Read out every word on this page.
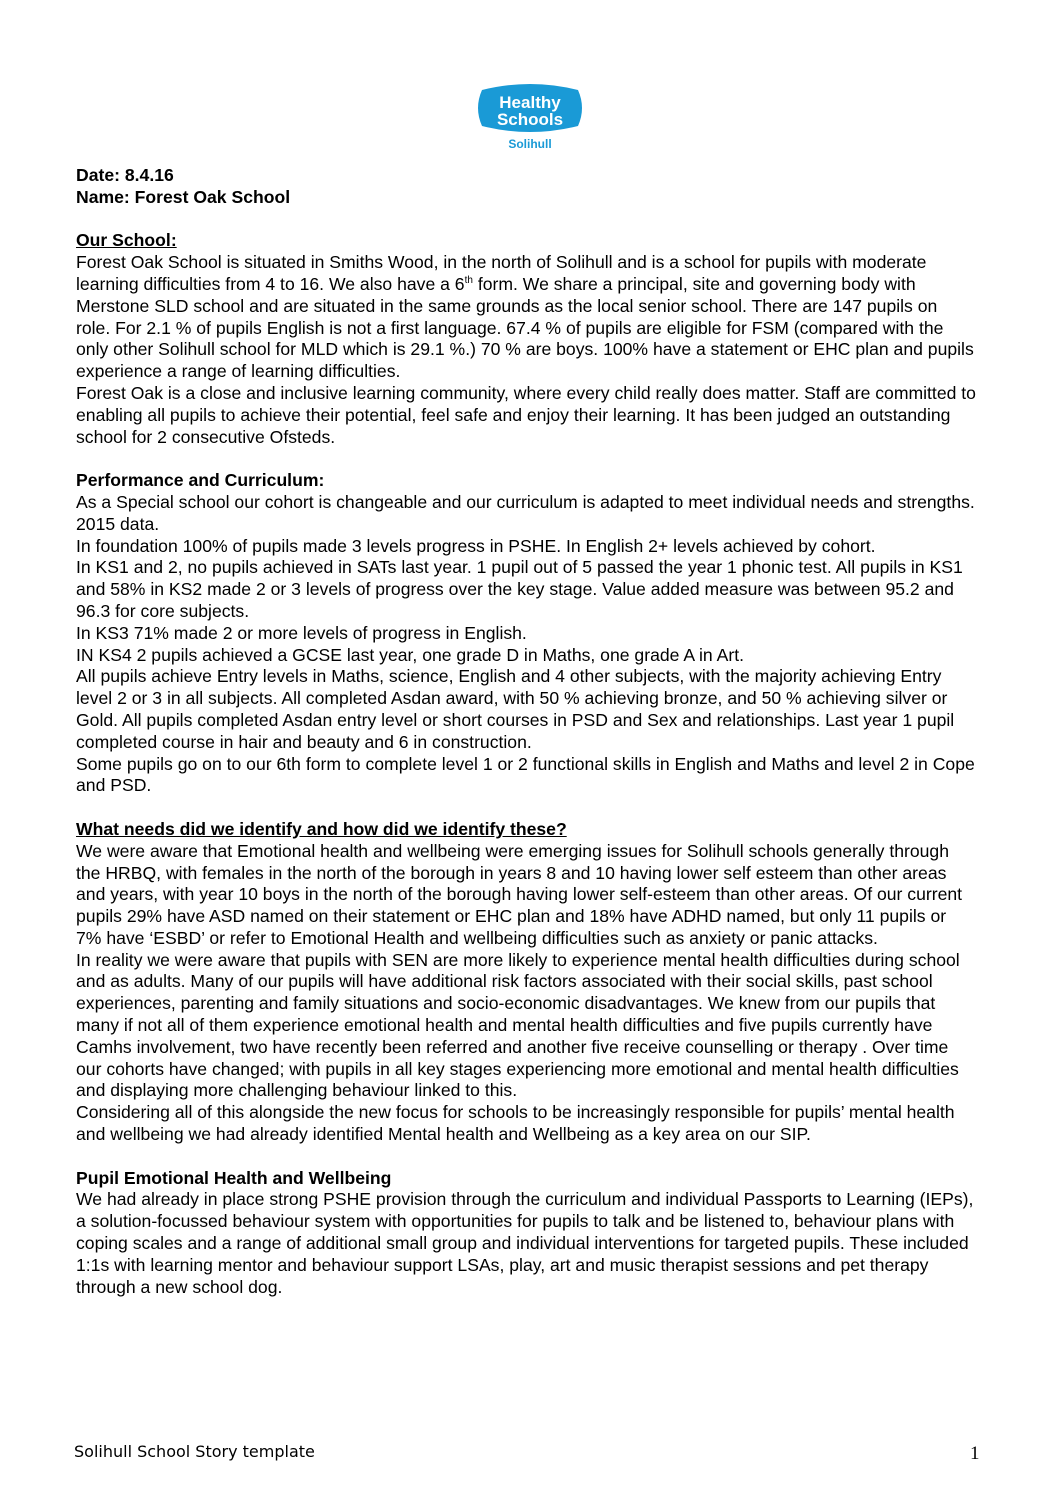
Healthy
Schools
Solihull

Date: 8.4.16

Name: Forest Oak School

Our School:

Forest Oak School is situated in Smiths Wood, in the north of Solihull and is a school for pupils with moderate learning difficulties from 4 to 16. We also have a 6th form. We share a principal, site and governing body with Merstone SLD school and are situated in the same grounds as the local senior school. There are 147 pupils on role. For 2.1 % of pupils English is not a first language. 67.4 % of pupils are eligible for FSM (compared with the only other Solihull school for MLD which is 29.1 %.) 70 % are boys. 100% have a statement or EHC plan and pupils experience a range of learning difficulties.

Forest Oak is a close and inclusive learning community, where every child really does matter. Staff are committed to enabling all pupils to achieve their potential, feel safe and enjoy their learning. It has been judged an outstanding school for 2 consecutive Ofsteds.

Performance and Curriculum:

As a Special school our cohort is changeable and our curriculum is adapted to meet individual needs and strengths. 2015 data.

In foundation 100% of pupils made 3 levels progress in PSHE. In English 2+ levels achieved by cohort.

In KS1 and 2, no pupils achieved in SATs last year. 1 pupil out of 5 passed the year 1 phonic test. All pupils in KS1 and 58% in KS2 made 2 or 3 levels of progress over the key stage. Value added measure was between 95.2 and 96.3 for core subjects.

In KS3 71% made 2 or more levels of progress in English.

IN KS4 2 pupils achieved a GCSE last year, one grade D in Maths, one grade A in Art.

All pupils achieve Entry levels in Maths, science, English and 4 other subjects, with the majority achieving Entry level 2 or 3 in all subjects. All completed Asdan award, with 50 % achieving bronze, and 50 % achieving silver or Gold. All pupils completed Asdan entry level or short courses in PSD and Sex and relationships. Last year 1 pupil completed course in hair and beauty and 6 in construction.

Some pupils go on to our 6th form to complete level 1 or 2 functional skills in English and Maths and level 2 in Cope and PSD.

What needs did we identify and how did we identify these?

We were aware that Emotional health and wellbeing were emerging issues for Solihull schools generally through the HRBQ, with females in the north of the borough in years 8 and 10 having lower self esteem than other areas and years, with year 10 boys in the north of the borough having lower self-esteem than other areas. Of our current pupils 29% have ASD named on their statement or EHC plan and 18% have ADHD named, but only 11 pupils or 7% have ‘ESBD’ or refer to Emotional Health and wellbeing difficulties such as anxiety or panic attacks.

In reality we were aware that pupils with SEN are more likely to experience mental health difficulties during school and as adults. Many of our pupils will have additional risk factors associated with their social skills, past school experiences, parenting and family situations and socio-economic disadvantages. We knew from our pupils that many if not all of them experience emotional health and mental health difficulties and five pupils currently have Camhs involvement, two have recently been referred and another five receive counselling or therapy . Over time our cohorts have changed; with pupils in all key stages experiencing more emotional and mental health difficulties and displaying more challenging behaviour linked to this.

Considering all of this alongside the new focus for schools to be increasingly responsible for pupils’ mental health and wellbeing we had already identified Mental health and Wellbeing as a key area on our SIP.

Pupil Emotional Health and Wellbeing

We had already in place strong PSHE provision through the curriculum and individual Passports to Learning (IEPs), a solution-focussed behaviour system with opportunities for pupils to talk and be listened to, behaviour plans with coping scales and a range of additional small group and individual interventions for targeted pupils. These included 1:1s with learning mentor and behaviour support LSAs, play, art and music therapist sessions and pet therapy through a new school dog.

Solihull School Story template	1
